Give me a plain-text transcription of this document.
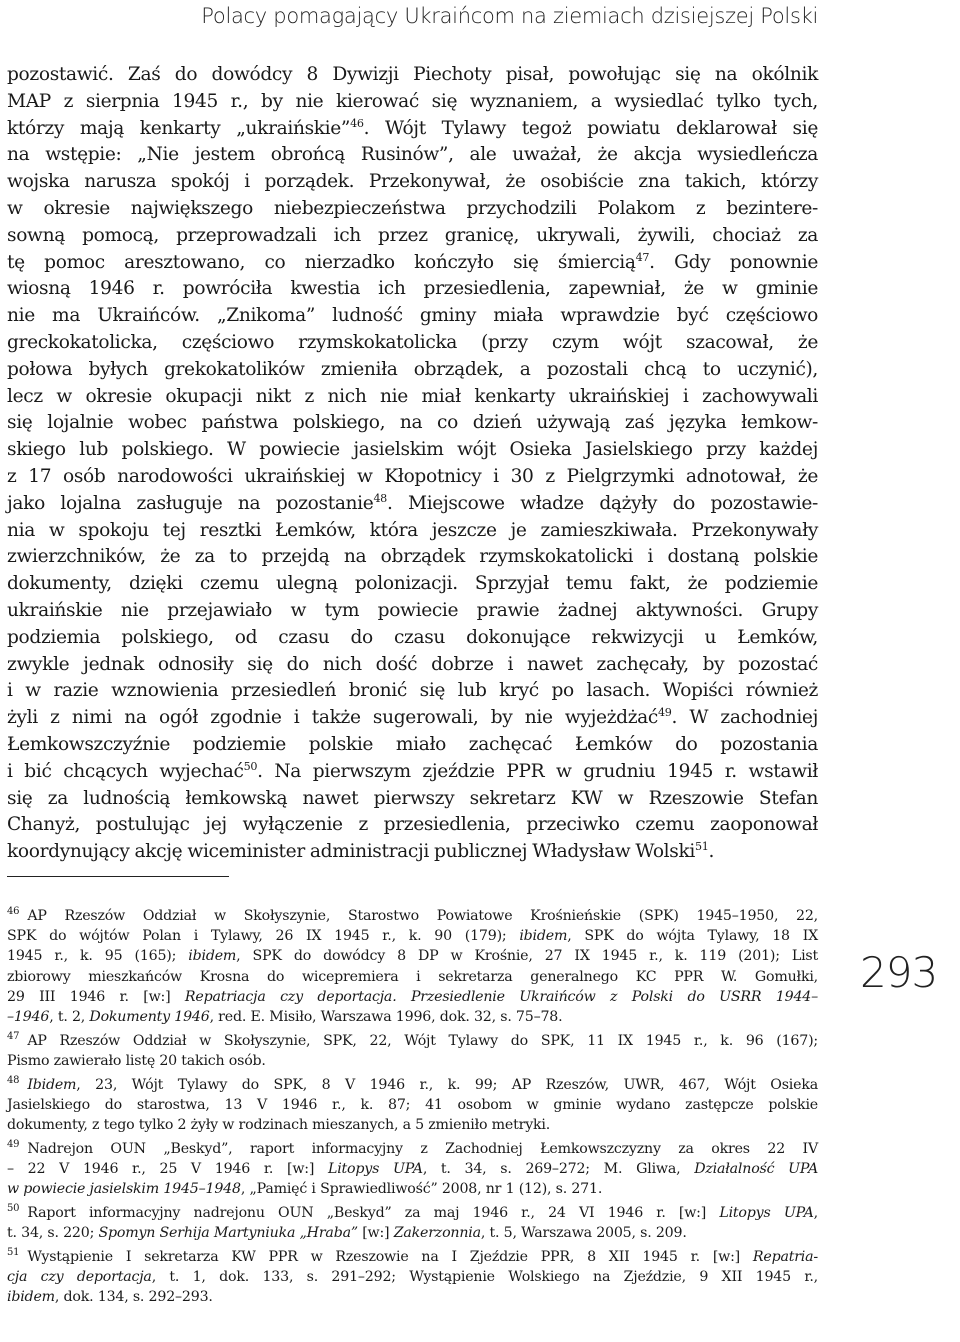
Polacy pomagający Ukraińcom na ziemiach dzisiejszej Polski
pozostawić. Zaś do dowódcy 8 Dywizji Piechoty pisał, powołując się na okólnik
MAP z sierpnia 1945 r., by nie kierować się wyznaniem, a wysiedlać tylko tych,
którzy mają kenkarty „ukraińskie”$^{46}$. Wójt Tylawy tegoż powiatu deklarował się
na wstępie: „Nie jestem obrońcą Rusinów”, ale uważał, że akcja wysiedleńcza
wojska narusza spokój i porządek. Przekonywał, że osobiście zna takich, którzy
w okresie największego niebezpieczeństwa przychodzili Polakom z bezintere-
sowną pomocą, przeprowadzali ich przez granicę, ukrywali, żywili, chociaż za
tę pomoc aresztowano, co nierzadko kończyło się śmiercią$^{47}$. Gdy ponownie
wiosną 1946 r. powróciła kwestia ich przesiedlenia, zapewniał, że w gminie
nie ma Ukraińców. „Znikoma” ludność gminy miała wprawdzie być częściowo
greckokatolicka, częściowo rzymskokatolicka (przy czym wójt szacował, że
połowa byłych grekokatolików zmieniła obrządek, a pozostali chcą to uczynić),
lecz w okresie okupacji nikt z nich nie miał kenkarty ukraińskiej i zachowywali
się lojalnie wobec państwa polskiego, na co dzień używają zaś języka łemkow-
skiego lub polskiego. W powiecie jasielskim wójt Osieka Jasielskiego przy każdej
z 17 osób narodowości ukraińskiej w Kłopotnicy i 30 z Pielgrzymki adnotował, że
jako lojalna zasługuje na pozostanie$^{48}$. Miejscowe władze dążyły do pozostawie-
nia w spokoju tej resztki Łemków, która jeszcze je zamieszkiwała. Przekonywały
zwierzchników, że za to przejdą na obrządek rzymskokatolicki i dostaną polskie
dokumenty, dzięki czemu ulegną polonizacji. Sprzyjał temu fakt, że podziemie
ukraińskie nie przejawiało w tym powiecie prawie żadnej aktywności. Grupy
podziemia polskiego, od czasu do czasu dokonujące rekwizycji u Łemków,
zwykle jednak odnosiły się do nich dość dobrze i nawet zachęcały, by pozostać
i w razie wznowienia przesiedleń bronić się lub kryć po lasach. Wopiści również
żyli z nimi na ogół zgodnie i także sugerowali, by nie wyjeżdżać$^{49}$. W zachodniej
Łemkowszczyźnie podziemie polskie miało zachęcać Łemków do pozostania
i bić chcących wyjechać$^{50}$. Na pierwszym zjeździe PPR w grudniu 1945 r. wstawił
się za ludnością łemkowską nawet pierwszy sekretarz KW w Rzeszowie Stefan
Chanyż, postulując jej wyłączenie z przesiedlenia, przeciwko czemu zaoponował
koordynujący akcję wiceminister administracji publicznej Władysław Wolski$^{51}$.
$^{46}$ AP Rzeszów Oddział w Skołyszynie, Starostwo Powiatowe Krośnieńskie (SPK) 1945–1950, 22,
SPK do wójtów Polan i Tylawy, 26 IX 1945 r., k. 90 (179); ibidem, SPK do wójta Tylawy, 18 IX
1945 r., k. 95 (165); ibidem, SPK do dowódcy 8 DP w Krośnie, 27 IX 1945 r., k. 119 (201); List
zbiorowy mieszkańców Krosna do wicepremiera i sekretarza generalnego KC PPR W. Gomułki,
29 III 1946 r. [w:] Repatriacja czy deportacja. Przesiedlenie Ukraińców z Polski do USRR 1944–
–1946, t. 2, Dokumenty 1946, red. E. Misiło, Warszawa 1996, dok. 32, s. 75–78.
$^{47}$ AP Rzeszów Oddział w Skołyszynie, SPK, 22, Wójt Tylawy do SPK, 11 IX 1945 r., k. 96 (167);
Pismo zawierało listę 20 takich osób.
$^{48}$ Ibidem, 23, Wójt Tylawy do SPK, 8 V 1946 r., k. 99; AP Rzeszów, UWR, 467, Wójt Osieka
Jasielskiego do starostwa, 13 V 1946 r., k. 87; 41 osobom w gminie wydano zastępcze polskie
dokumenty, z tego tylko 2 żyły w rodzinach mieszanych, a 5 zmieniło metryki.
$^{49}$ Nadrejon OUN „Beskyd”, raport informacyjny z Zachodniej Łemkowszczyzny za okres 22 IV
– 22 V 1946 r., 25 V 1946 r. [w:] Litopys UPA, t. 34, s. 269–272; M. Gliwa, Działalność UPA
w powiecie jasielskim 1945–1948, „Pamięć i Sprawiedliwość” 2008, nr 1 (12), s. 271.
$^{50}$ Raport informacyjny nadrejonu OUN „Beskyd” za maj 1946 r., 24 VI 1946 r. [w:] Litopys UPA,
t. 34, s. 220; Spomyn Serhija Martyniuka „Hraba” [w:] Zakerzonnia, t. 5, Warszawa 2005, s. 209.
$^{51}$ Wystąpienie I sekretarza KW PPR w Rzeszowie na I Zjeździe PPR, 8 XII 1945 r. [w:] Repatria-
cja czy deportacja, t. 1, dok. 133, s. 291–292; Wystąpienie Wolskiego na Zjeździe, 9 XII 1945 r.,
ibidem, dok. 134, s. 292–293.
293
